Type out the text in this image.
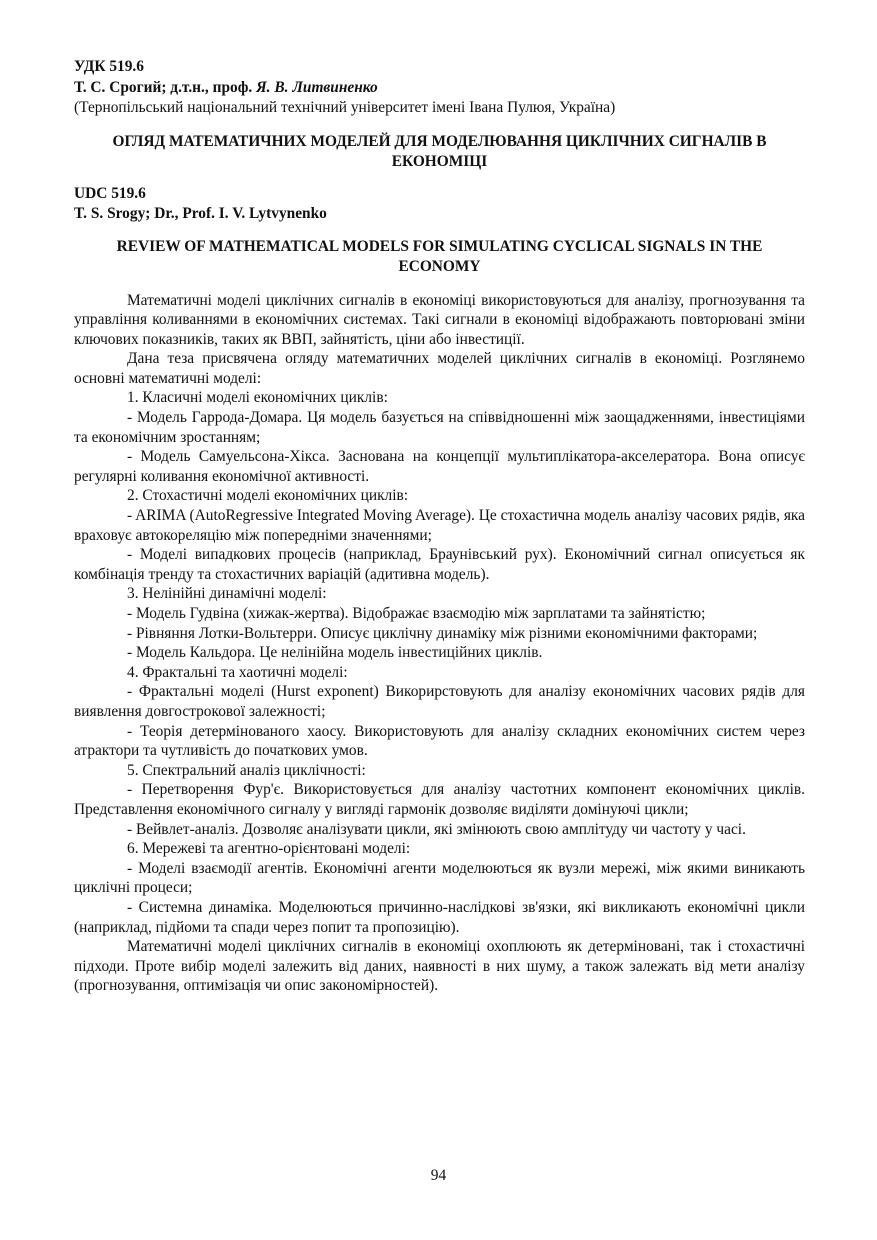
УДК 519.6

Т. С. Срогий; д.т.н., проф. Я. В. Литвиненко

(Тернопільський національний технічний університет імені Івана Пулюя, Україна)

ОГЛЯД МАТЕМАТИЧНИХ МОДЕЛЕЙ ДЛЯ МОДЕЛЮВАННЯ ЦИКЛІЧНИХ СИГНАЛІВ В ЕКОНОМІЦІ

UDC 519.6

T. S. Srogy; Dr., Prof. I. V. Lytvynenko

REVIEW OF MATHEMATICAL MODELS FOR SIMULATING CYCLICAL SIGNALS IN THE ECONOMY

Математичні моделі циклічних сигналів в економіці використовуються для аналізу, прогнозування та управління коливаннями в економічних системах. Такі сигнали в економіці відображають повторювані зміни ключових показників, таких як ВВП, зайнятість, ціни або інвестиції.

Дана теза присвячена огляду математичних моделей циклічних сигналів в економіці. Розглянемо основні математичні моделі:

1. Класичні моделі економічних циклів:

- Модель Гаррода-Домара. Ця модель базується на співвідношенні між заощадженнями, інвестиціями та економічним зростанням;

- Модель Самуельсона-Хікса. Заснована на концепції мультиплікатора-акселератора. Вона описує регулярні коливання економічної активності.

2. Стохастичні моделі економічних циклів:

- ARIMA (AutoRegressive Integrated Moving Average). Це стохастична модель аналізу часових рядів, яка враховує автокореляцію між попередніми значеннями;

- Моделі випадкових процесів (наприклад, Браунівський рух). Економічний сигнал описується як комбінація тренду та стохастичних варіацій (адитивна модель).

3. Нелінійні динамічні моделі:

- Модель Гудвіна (хижак-жертва). Відображає взаємодію між зарплатами та зайнятістю;

- Рівняння Лотки-Вольтерри. Описує циклічну динаміку між різними економічними факторами;

- Модель Кальдора. Це нелінійна модель інвестиційних циклів.

4. Фрактальні та хаотичні моделі:

- Фрактальні моделі (Hurst exponent) Викорирстовують для аналізу економічних часових рядів для виявлення довгострокової залежності;

- Теорія детермінованого хаосу. Використовують для аналізу складних економічних систем через атрактори та чутливість до початкових умов.

5. Спектральний аналіз циклічності:

- Перетворення Фур'є. Використовується для аналізу частотних компонент економічних циклів. Представлення економічного сигналу у вигляді гармонік дозволяє виділяти домінуючі цикли;

- Вейвлет-аналіз. Дозволяє аналізувати цикли, які змінюють свою амплітуду чи частоту у часі.

6. Мережеві та агентно-орієнтовані моделі:

- Моделі взаємодії агентів. Економічні агенти моделюються як вузли мережі, між якими виникають циклічні процеси;

- Системна динаміка. Моделюються причинно-наслідкові зв'язки, які викликають економічні цикли (наприклад, підйоми та спади через попит та пропозицію).

Математичні моделі циклічних сигналів в економіці охоплюють як детерміновані, так і стохастичні підходи. Проте вибір моделі залежить від даних, наявності в них шуму, а також залежать від мети аналізу (прогнозування, оптимізація чи опис закономірностей).

94
